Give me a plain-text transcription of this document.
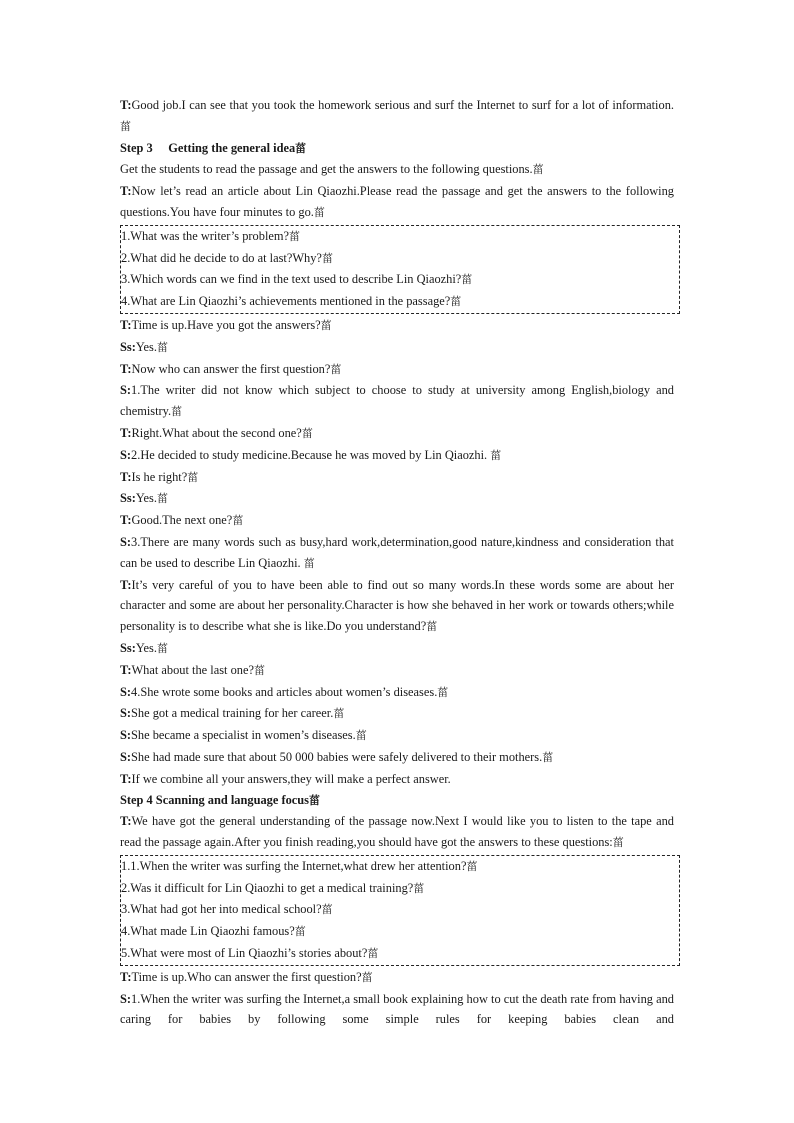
T:Good job.I can see that you took the homework serious and surf the Internet to surf for a lot of information.菑

Step 3 　Getting the general idea菑

Get the students to read the passage and get the answers to the following questions.菑

T:Now let’s read an article about Lin Qiaozhi.Please read the passage and get the answers to the following questions.You have four minutes to go.菑

1.What was the writer’s problem?菑

2.What did he decide to do at last?Why?菑

3.Which words can we find in the text used to describe Lin Qiaozhi?菑

4.What are Lin Qiaozhi’s achievements mentioned in the passage?菑

T:Time is up.Have you got the answers?菑

Ss:Yes.菑

T:Now who can answer the first question?菑

S:1.The writer did not know which subject to choose to study at university among English,biology and chemistry.菑

T:Right.What about the second one?菑

S:2.He decided to study medicine.Because he was moved by Lin Qiaozhi. 菑

T:Is he right?菑

Ss:Yes.菑

T:Good.The next one?菑

S:3.There are many words such as busy,hard work,determination,good nature,kindness and consideration that can be used to describe Lin Qiaozhi. 菑

T:It’s very careful of you to have been able to find out so many words.In these words some are about her character and some are about her personality.Character is how she behaved in her work or towards others;while personality is to describe what she is like.Do you understand?菑

Ss:Yes.菑

T:What about the last one?菑

S:4.She wrote some books and articles about women’s diseases.菑

S:She got a medical training for her career.菑

S:She became a specialist in women’s diseases.菑

S:She had made sure that about 50 000 babies were safely delivered to their mothers.菑

T:If we combine all your answers,they will make a perfect answer.

Step 4 Scanning and language focus菑

T:We have got the general understanding of the passage now.Next I would like you to listen to the tape and read the passage again.After you finish reading,you should have got the answers to these questions:菑

1.1.When the writer was surfing the Internet,what drew her attention?菑

2.Was it difficult for Lin Qiaozhi to get a medical training?菑

3.What had got her into medical school?菑

4.What made Lin Qiaozhi famous?菑

5.What were most of Lin Qiaozhi’s stories about?菑

T:Time is up.Who can answer the first question?菑

S:1.When the writer was surfing the Internet,a small book explaining how to cut the death rate from having and caring for babies by following some simple rules for keeping babies clean and
